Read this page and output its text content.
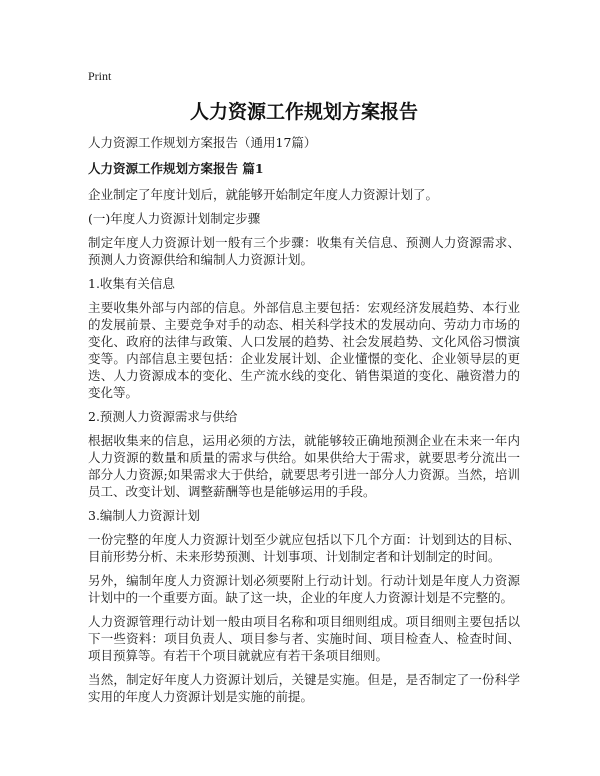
Print
人力资源工作规划方案报告
人力资源工作规划方案报告（通用17篇）
人力资源工作规划方案报告 篇1

企业制定了年度计划后，就能够开始制定年度人力资源计划了。

(一)年度人力资源计划制定步骤

制定年度人力资源计划一般有三个步骤：收集有关信息、预测人力资源需求、预测人力资源供给和编制人力资源计划。

1.收集有关信息

主要收集外部与内部的信息。外部信息主要包括：宏观经济发展趋势、本行业的发展前景、主要竞争对手的动态、相关科学技术的发展动向、劳动力市场的变化、政府的法律与政策、人口发展的趋势、社会发展趋势、文化风俗习惯演变等。内部信息主要包括：企业发展计划、企业懂憬的变化、企业领导层的更迭、人力资源成本的变化、生产流水线的变化、销售渠道的变化、融资潜力的变化等。

2.预测人力资源需求与供给

根据收集来的信息，运用必须的方法，就能够较正确地预测企业在未来一年内人力资源的数量和质量的需求与供给。如果供给大于需求，就要思考分流出一部分人力资源;如果需求大于供给，就要思考引进一部分人力资源。当然，培训员工、改变计划、调整薪酬等也是能够运用的手段。

3.编制人力资源计划

一份完整的年度人力资源计划至少就应包括以下几个方面：计划到达的目标、目前形势分析、未来形势预测、计划事项、计划制定者和计划制定的时间。

另外，编制年度人力资源计划必须要附上行动计划。行动计划是年度人力资源计划中的一个重要方面。缺了这一块，企业的年度人力资源计划是不完整的。

人力资源管理行动计划一般由项目名称和项目细则组成。项目细则主要包括以下一些资料：项目负责人、项目参与者、实施时间、项目检查人、检查时间、项目预算等。有若干个项目就就应有若干条项目细则。

当然，制定好年度人力资源计划后，关键是实施。但是，是否制定了一份科学实用的年度人力资源计划是实施的前提。
